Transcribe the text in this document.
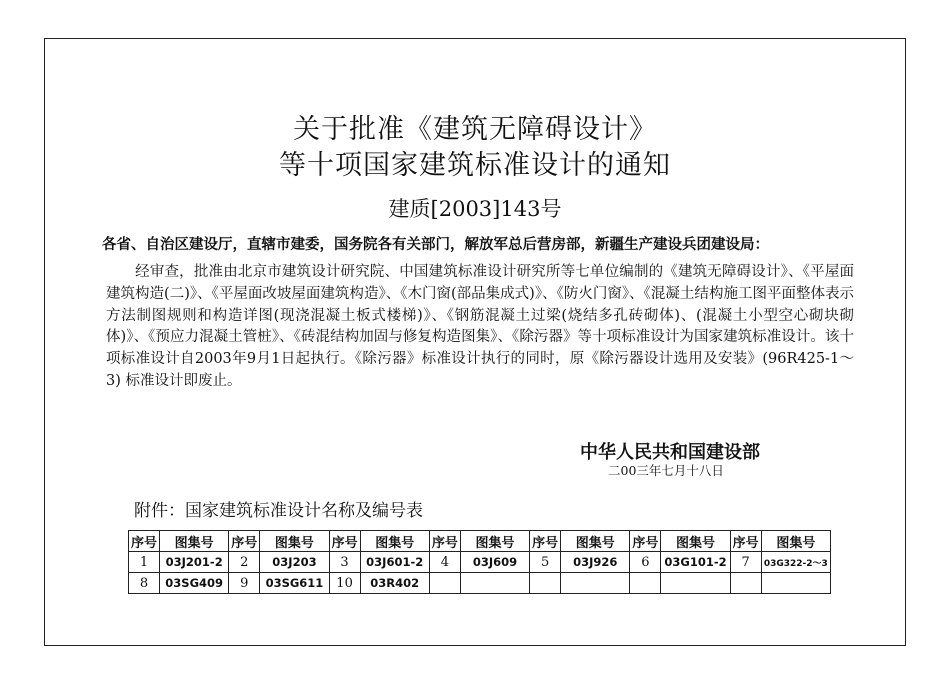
关于批准《建筑无障碍设计》
等十项国家建筑标准设计的通知
建质[2003]143号
各省、自治区建设厅，直辖市建委，国务院各有关部门，解放军总后营房部，新疆生产建设兵团建设局：

经审查，批准由北京市建筑设计研究院、中国建筑标准设计研究所等七单位编制的《建筑无障碍设计》、《平屋面建筑构造(二)》、《平屋面改坡屋面建筑构造》、《木门窗(部品集成式)》、《防火门窗》、《混凝土结构施工图平面整体表示方法制图规则和构造详图(现浇混凝土板式楼梯)》、《钢筋混凝土过梁(烧结多孔砖砌体)、(混凝土小型空心砌块砌体)》、《预应力混凝土管桩》、《砖混结构加固与修复构造图集》、《除污器》等十项标准设计为国家建筑标准设计。该十项标准设计自2003年9月1日起执行。《除污器》标准设计执行的同时，原《除污器设计选用及安装》(96R425-1～3) 标准设计即废止。

中华人民共和国建设部
二00三年七月十八日
附件：国家建筑标准设计名称及编号表
序号	图集号	序号	图集号	序号	图集号	序号	图集号	序号	图集号	序号	图集号	序号	图集号
1	03J201-2	2	03J203	3	03J601-2	4	03J609	5	03J926	6	03G101-2	7	03G322-2～3
8	03SG409	9	03SG611	10	03R402								
